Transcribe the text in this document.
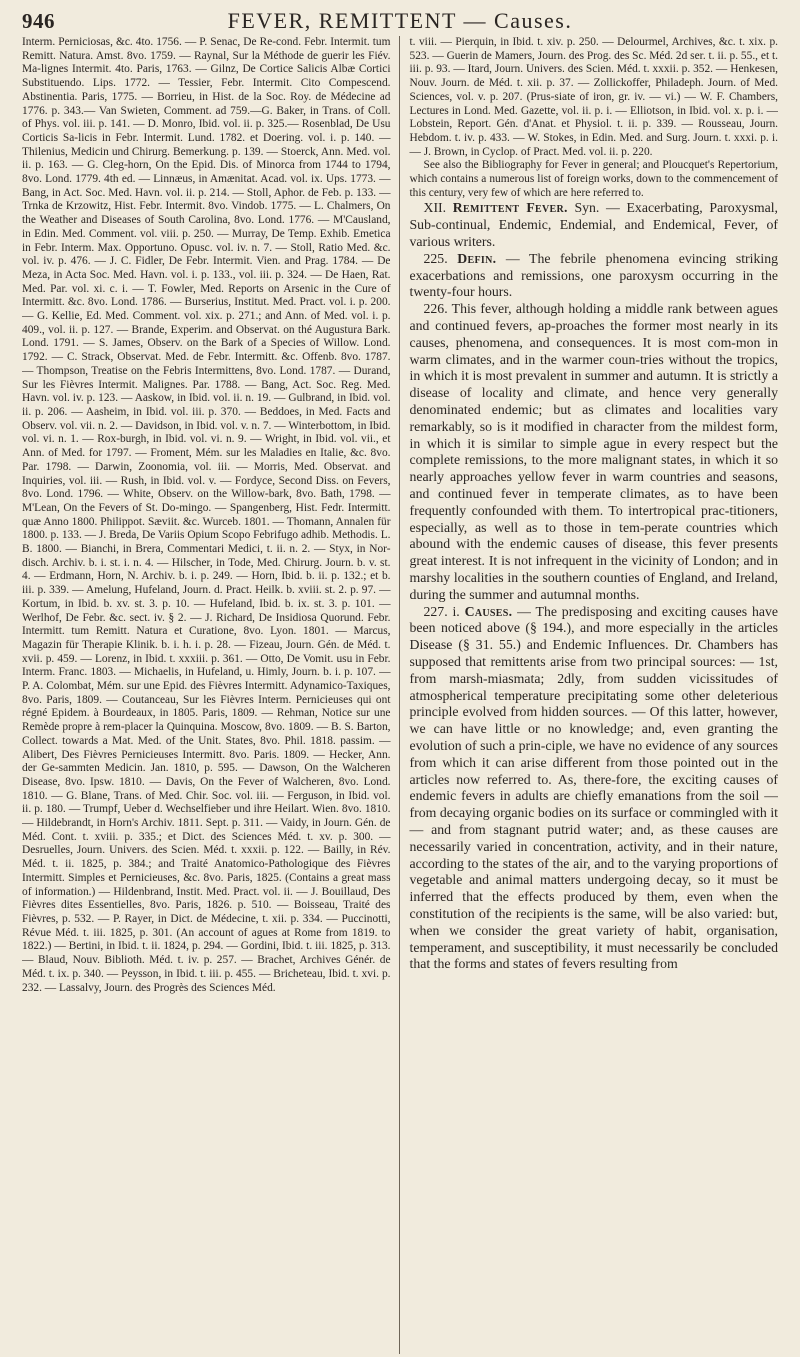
946	FEVER, REMITTENT — Causes.

Interm. Perniciosas, &c. 4to. 1756. — P. Senac, De Re-cond. Febr. Intermit. tum Remitt. Natura. Amst. 8vo. 1759. — Raynal, Sur la Méthode de guerir les Fiév. Ma-lignes Intermit. 4to. Paris, 1763. — Gilnz, De Cortice Salicis Albæ Cortici Substituendo. Lips. 1772. — Tessier, Febr. Intermit. Cito Compescend. Abstinentia. Paris, 1775. — Borrieu, in Hist. de la Soc. Roy. de Médecine ad 1776. p. 343.— Van Swieten, Comment. ad 759.—G. Baker, in Trans. of Coll. of Phys. vol. iii. p. 141. — D. Monro, Ibid. vol. ii. p. 325.— Rosenblad, De Usu Corticis Sa-licis in Febr. Intermit. Lund. 1782. et Doering. vol. i. p. 140. — Thilenius, Medicin und Chirurg. Bemerkung. p. 139. — Stoerck, Ann. Med. vol. ii. p. 163. — G. Cleg-horn, On the Epid. Dis. of Minorca from 1744 to 1794, 8vo. Lond. 1779. 4th ed. — Linnæus, in Amænitat. Acad. vol. ix. Ups. 1773. — Bang, in Act. Soc. Med. Havn. vol. ii. p. 214. — Stoll, Aphor. de Feb. p. 133. — Trnka de Krzowitz, Hist. Febr. Intermit. 8vo. Vindob. 1775. — L. Chalmers, On the Weather and Diseases of South Carolina, 8vo. Lond. 1776. — M'Causland, in Edin. Med. Comment. vol. viii. p. 250. — Murray, De Temp. Exhib. Emetica in Febr. Interm. Max. Opportuno. Opusc. vol. iv. n. 7. — Stoll, Ratio Med. &c. vol. iv. p. 476. — J. C. Fidler, De Febr. Intermit. Vien. and Prag. 1784. — De Meza, in Acta Soc. Med. Havn. vol. i. p. 133., vol. iii. p. 324. — De Haen, Rat. Med. Par. vol. xi. c. i. — T. Fowler, Med. Reports on Arsenic in the Cure of Intermitt. &c. 8vo. Lond. 1786. — Burserius, Institut. Med. Pract. vol. i. p. 200. — G. Kellie, Ed. Med. Comment. vol. xix. p. 271.; and Ann. of Med. vol. i. p. 409., vol. ii. p. 127. — Brande, Experim. and Observat. on thé Augustura Bark. Lond. 1791. — S. James, Observ. on the Bark of a Species of Willow. Lond. 1792. — C. Strack, Observat. Med. de Febr. Intermitt. &c. Offenb. 8vo. 1787. — Thompson, Treatise on the Febris Intermittens, 8vo. Lond. 1787. — Durand, Sur les Fièvres Intermit. Malignes. Par. 1788. — Bang, Act. Soc. Reg. Med. Havn. vol. iv. p. 123. — Aaskow, in Ibid. vol. ii. n. 19. — Gulbrand, in Ibid. vol. ii. p. 206. — Aasheim, in Ibid. vol. iii. p. 370. — Beddoes, in Med. Facts and Observ. vol. vii. n. 2. — Davidson, in Ibid. vol. v. n. 7. — Winterbottom, in Ibid. vol. vi. n. 1. — Rox-burgh, in Ibid. vol. vi. n. 9. — Wright, in Ibid. vol. vii., et Ann. of Med. for 1797. — Froment, Mém. sur les Maladies en Italie, &c. 8vo. Par. 1798. — Darwin, Zoonomia, vol. iii. — Morris, Med. Observat. and Inquiries, vol. iii. — Rush, in Ibid. vol. v. — Fordyce, Second Diss. on Fevers, 8vo. Lond. 1796. — White, Observ. on the Willow-bark, 8vo. Bath, 1798. — M'Lean, On the Fevers of St. Do-mingo. — Spangenberg, Hist. Fedr. Intermitt. quæ Anno 1800. Philippot. Sæviit. &c. Wurceb. 1801. — Thomann, Annalen für 1800. p. 133. — J. Breda, De Variis Opium Scopo Febrifugo adhib. Methodis. L. B. 1800. — Bianchi, in Brera, Commentari Medici, t. ii. n. 2. — Styx, in Nor-disch. Archiv. b. i. st. i. n. 4. — Hilscher, in Tode, Med. Chirurg. Journ. b. v. st. 4. — Erdmann, Horn, N. Archiv. b. i. p. 249. — Horn, Ibid. b. ii. p. 132.; et b. iii. p. 339. — Amelung, Hufeland, Journ. d. Pract. Heilk. b. xviii. st. 2. p. 97. — Kortum, in Ibid. b. xv. st. 3. p. 10. — Hufeland, Ibid. b. ix. st. 3. p. 101. — Werlhof, De Febr. &c. sect. iv. § 2. — J. Richard, De Insidiosa Quorund. Febr. Intermitt. tum Remitt. Natura et Curatione, 8vo. Lyon. 1801. — Marcus, Magazin für Therapie Klinik. b. i. h. i. p. 28. — Fizeau, Journ. Gén. de Méd. t. xvii. p. 459. — Lorenz, in Ibid. t. xxxiii. p. 361. — Otto, De Vomit. usu in Febr. Interm. Franc. 1803. — Michaelis, in Hufeland, u. Himly, Journ. b. i. p. 107. — P. A. Colombat, Mém. sur une Epid. des Fièvres Intermitt. Adynamico-Taxiques, 8vo. Paris, 1809. — Coutanceau, Sur les Fièvres Interm. Pernicieuses qui ont régné Epidem. à Bourdeaux, in 1805. Paris, 1809. — Rehman, Notice sur une Remède propre à rem-placer la Quinquina. Moscow, 8vo. 1809. — B. S. Barton, Collect. towards a Mat. Med. of the Unit. States, 8vo. Phil. 1818. passim. — Alibert, Des Fièvres Pernicieuses Intermitt. 8vo. Paris. 1809. — Hecker, Ann. der Ge-sammten Medicin. Jan. 1810, p. 595. — Dawson, On the Walcheren Disease, 8vo. Ipsw. 1810. — Davis, On the Fever of Walcheren, 8vo. Lond. 1810. — G. Blane, Trans. of Med. Chir. Soc. vol. iii. — Ferguson, in Ibid. vol. ii. p. 180. — Trumpf, Ueber d. Wechselfieber und ihre Heilart. Wien. 8vo. 1810. — Hildebrandt, in Horn's Archiv. 1811. Sept. p. 311. — Vaidy, in Journ. Gén. de Méd. Cont. t. xviii. p. 335.; et Dict. des Sciences Méd. t. xv. p. 300. — Desruelles, Journ. Univers. des Scien. Méd. t. xxxii. p. 122. — Bailly, in Rév. Méd. t. ii. 1825, p. 384.; and Traité Anatomico-Pathologique des Fièvres Intermitt. Simples et Pernicieuses, &c. 8vo. Paris, 1825. (Contains a great mass of information.) — Hildenbrand, Instit. Med. Pract. vol. ii. — J. Bouillaud, Des Fièvres dites Essentielles, 8vo. Paris, 1826. p. 510. — Boisseau, Traité des Fièvres, p. 532. — P. Rayer, in Dict. de Médecine, t. xii. p. 334. — Puccinotti, Révue Méd. t. iii. 1825, p. 301. (An account of agues at Rome from 1819. to 1822.) — Bertini, in Ibid. t. ii. 1824, p. 294. — Gordini, Ibid. t. iii. 1825, p. 313. — Blaud, Nouv. Biblioth. Méd. t. iv. p. 257. — Brachet, Archives Génér. de Méd. t. ix. p. 340. — Peysson, in Ibid. t. iii. p. 455. — Bricheteau, Ibid. t. xvi. p. 232. — Lassalvy, Journ. des Progrès des Sciences Méd.

t. viii. — Pierquin, in Ibid. t. xiv. p. 250. — Delourmel, Archives, &c. t. xix. p. 523. — Guerin de Mamers, Journ. des Prog. des Sc. Méd. 2d ser. t. ii. p. 55., et t. iii. p. 93. — Itard, Journ. Univers. des Scien. Méd. t. xxxii. p. 352. — Henkesen, Nouv. Journ. de Méd. t. xii. p. 37. — Zollickoffer, Philadeph. Journ. of Med. Sciences, vol. v. p. 207. (Prus-siate of iron, gr. iv. — vi.) — W. F. Chambers, Lectures in Lond. Med. Gazette, vol. ii. p. i. — Elliotson, in Ibid. vol. x. p. i. — Lobstein, Report. Gén. d'Anat. et Physiol. t. ii. p. 339. — Rousseau, Journ. Hebdom. t. iv. p. 433. — W. Stokes, in Edin. Med. and Surg. Journ. t. xxxi. p. i. — J. Brown, in Cyclop. of Pract. Med. vol. ii. p. 220.

See also the Bibliography for Fever in general; and Ploucquet's Repertorium, which contains a numerous list of foreign works, down to the commencement of this century, very few of which are here referred to.

XII. Remittent Fever. Syn. — Exacerbating, Paroxysmal, Sub-continual, Endemic, Endemial, and Endemical, Fever, of various writers.

225. Defin. — The febrile phenomena evincing striking exacerbations and remissions, one paroxysm occurring in the twenty-four hours.

226. This fever, although holding a middle rank between agues and continued fevers, ap-proaches the former most nearly in its causes, phenomena, and consequences. It is most com-mon in warm climates, and in the warmer coun-tries without the tropics, in which it is most prevalent in summer and autumn. It is strictly a disease of locality and climate, and hence very generally denominated endemic; but as climates and localities vary remarkably, so is it modified in character from the mildest form, in which it is similar to simple ague in every respect but the complete remissions, to the more malignant states, in which it so nearly approaches yellow fever in warm countries and seasons, and continued fever in temperate climates, as to have been frequently confounded with them. To intertropical prac-titioners, especially, as well as to those in tem-perate countries which abound with the endemic causes of disease, this fever presents great interest. It is not infrequent in the vicinity of London; and in marshy localities in the southern counties of England, and Ireland, during the summer and autumnal months.

227. i. Causes. — The predisposing and exciting causes have been noticed above (§ 194.), and more especially in the articles Disease (§ 31. 55.) and Endemic Influences. Dr. Chambers has supposed that remittents arise from two principal sources: — 1st, from marsh-miasmata; 2dly, from sudden vicissitudes of atmospherical temperature precipitating some other deleterious principle evolved from hidden sources. — Of this latter, however, we can have little or no knowledge; and, even granting the evolution of such a prin-ciple, we have no evidence of any sources from which it can arise different from those pointed out in the articles now referred to. As, there-fore, the exciting causes of endemic fevers in adults are chiefly emanations from the soil — from decaying organic bodies on its surface or commingled with it — and from stagnant putrid water; and, as these causes are necessarily varied in concentration, activity, and in their nature, according to the states of the air, and to the varying proportions of vegetable and animal matters undergoing decay, so it must be inferred that the effects produced by them, even when the constitution of the recipients is the same, will be also varied: but, when we consider the great variety of habit, organisation, temperament, and susceptibility, it must necessarily be concluded that the forms and states of fevers resulting from
